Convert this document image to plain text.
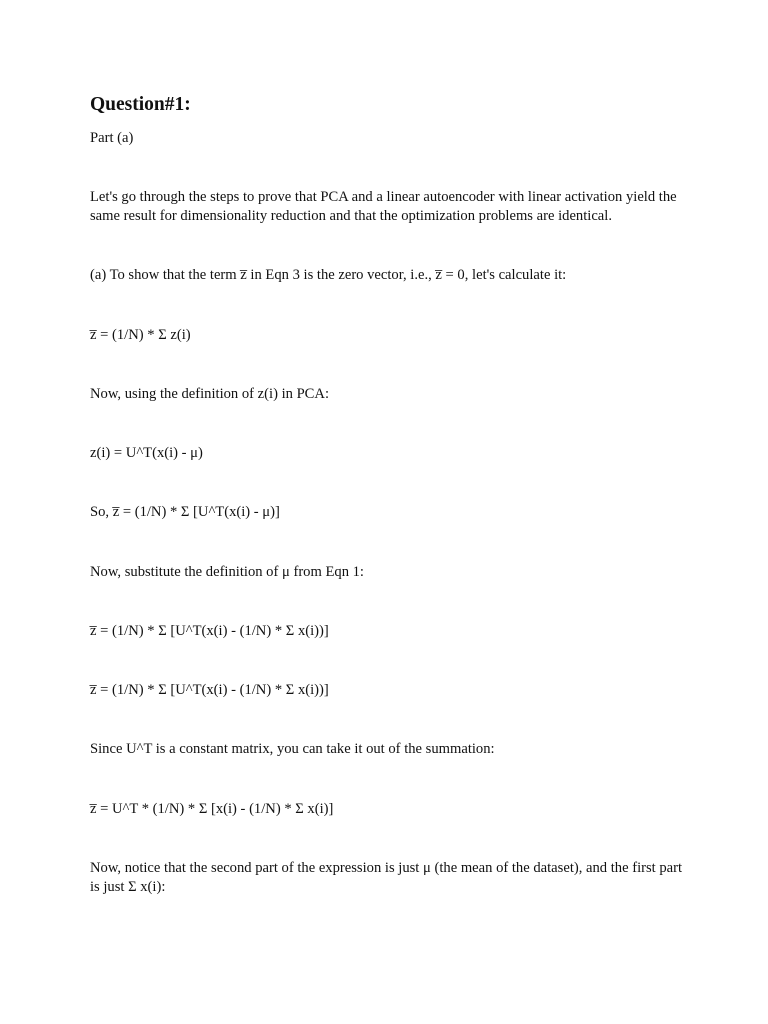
Question#1:
Part (a)
Let's go through the steps to prove that PCA and a linear autoencoder with linear activation yield the same result for dimensionality reduction and that the optimization problems are identical.
(a) To show that the term z̅ in Eqn 3 is the zero vector, i.e., z̅ = 0, let's calculate it:
z̅ = (1/N) * Σ z(i)
Now, using the definition of z(i) in PCA:
z(i) = U^T(x(i) - μ)
So, z̅ = (1/N) * Σ [U^T(x(i) - μ)]
Now, substitute the definition of μ from Eqn 1:
z̅ = (1/N) * Σ [U^T(x(i) - (1/N) * Σ x(i))]
z̅ = (1/N) * Σ [U^T(x(i) - (1/N) * Σ x(i))]
Since U^T is a constant matrix, you can take it out of the summation:
z̅ = U^T * (1/N) * Σ [x(i) - (1/N) * Σ x(i)]
Now, notice that the second part of the expression is just μ (the mean of the dataset), and the first part is just Σ x(i):
